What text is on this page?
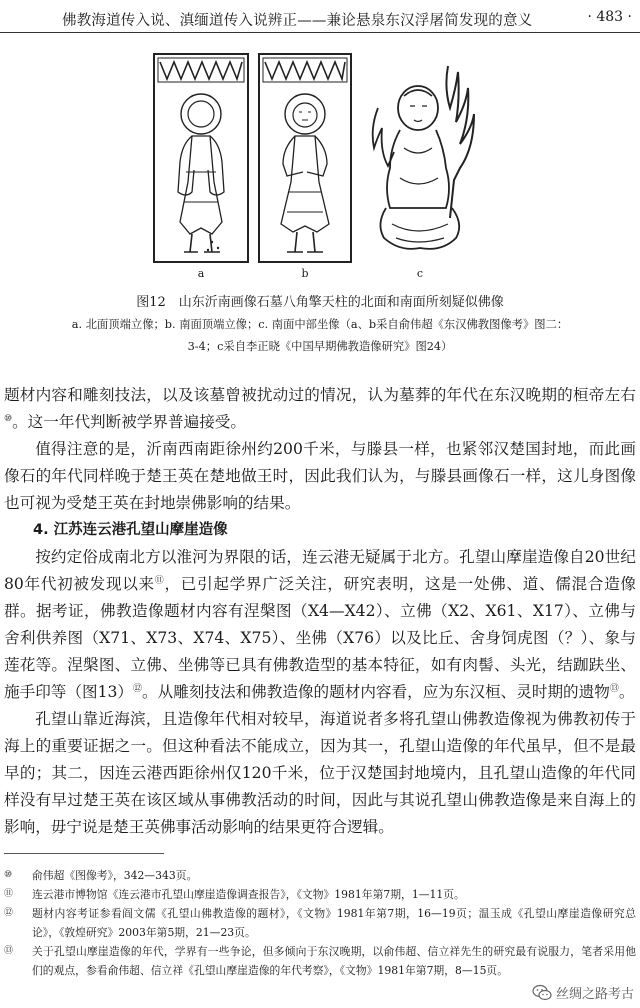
佛教海道传入说、滇缅道传入说辨正——兼论悬泉东汉浮屠简发现的意义	· 483 ·
a	b	c
图12　山东沂南画像石墓八角擎天柱的北面和南面所刻疑似佛像
a. 北面顶端立像；b. 南面顶端立像；c. 南面中部坐像（a、b采自俞伟超《东汉佛教图像考》图二：
3-4；c采自李正晓《中国早期佛教造像研究》图24）

题材内容和雕刻技法，以及该墓曾被扰动过的情况，认为墓葬的年代在东汉晚期的桓帝左右⑩。这一年代判断被学界普遍接受。

值得注意的是，沂南西南距徐州约200千米，与滕县一样，也紧邻汉楚国封地，而此画像石的年代同样晚于楚王英在楚地做王时，因此我们认为，与滕县画像石一样，这儿身图像也可视为受楚王英在封地崇佛影响的结果。

4. 江苏连云港孔望山摩崖造像

按约定俗成南北方以淮河为界限的话，连云港无疑属于北方。孔望山摩崖造像自20世纪80年代初被发现以来⑪，已引起学界广泛关注，研究表明，这是一处佛、道、儒混合造像群。据考证，佛教造像题材内容有涅槃图（X4—X42）、立佛（X2、X61、X17）、立佛与舍利供养图（X71、X73、X74、X75）、坐佛（X76）以及比丘、舍身饲虎图（？）、象与莲花等。涅槃图、立佛、坐佛等已具有佛教造型的基本特征，如有肉髻、头光，结跏趺坐、施手印等（图13）⑫。从雕刻技法和佛教造像的题材内容看，应为东汉桓、灵时期的遗物⑬。

孔望山靠近海滨，且造像年代相对较早，海道说者多将孔望山佛教造像视为佛教初传于海上的重要证据之一。但这种看法不能成立，因为其一，孔望山造像的年代虽早，但不是最早的；其二，因连云港西距徐州仅120千米，位于汉楚国封地境内，且孔望山造像的年代同样没有早过楚王英在该区域从事佛教活动的时间，因此与其说孔望山佛教造像是来自海上的影响，毋宁说是楚王英佛事活动影响的结果更符合逻辑。

⑩	俞伟超《图像考》，342—343页。
⑪	连云港市博物馆《连云港市孔望山摩崖造像调查报告》，《文物》1981年第7期，1—11页。
⑫	题材内容考证参看阎文儒《孔望山佛教造像的题材》，《文物》1981年第7期，16—19页；温玉成《孔望山摩崖造像研究总论》，《敦煌研究》2003年第5期，21—23页。
⑬	关于孔望山摩崖造像的年代，学界有一些争论，但多倾向于东汉晚期，以俞伟超、信立祥先生的研究最有说服力，笔者采用他们的观点，参看俞伟超、信立祥《孔望山摩崖造像的年代考察》，《文物》1981年第7期，8—15页。
丝绸之路考古
